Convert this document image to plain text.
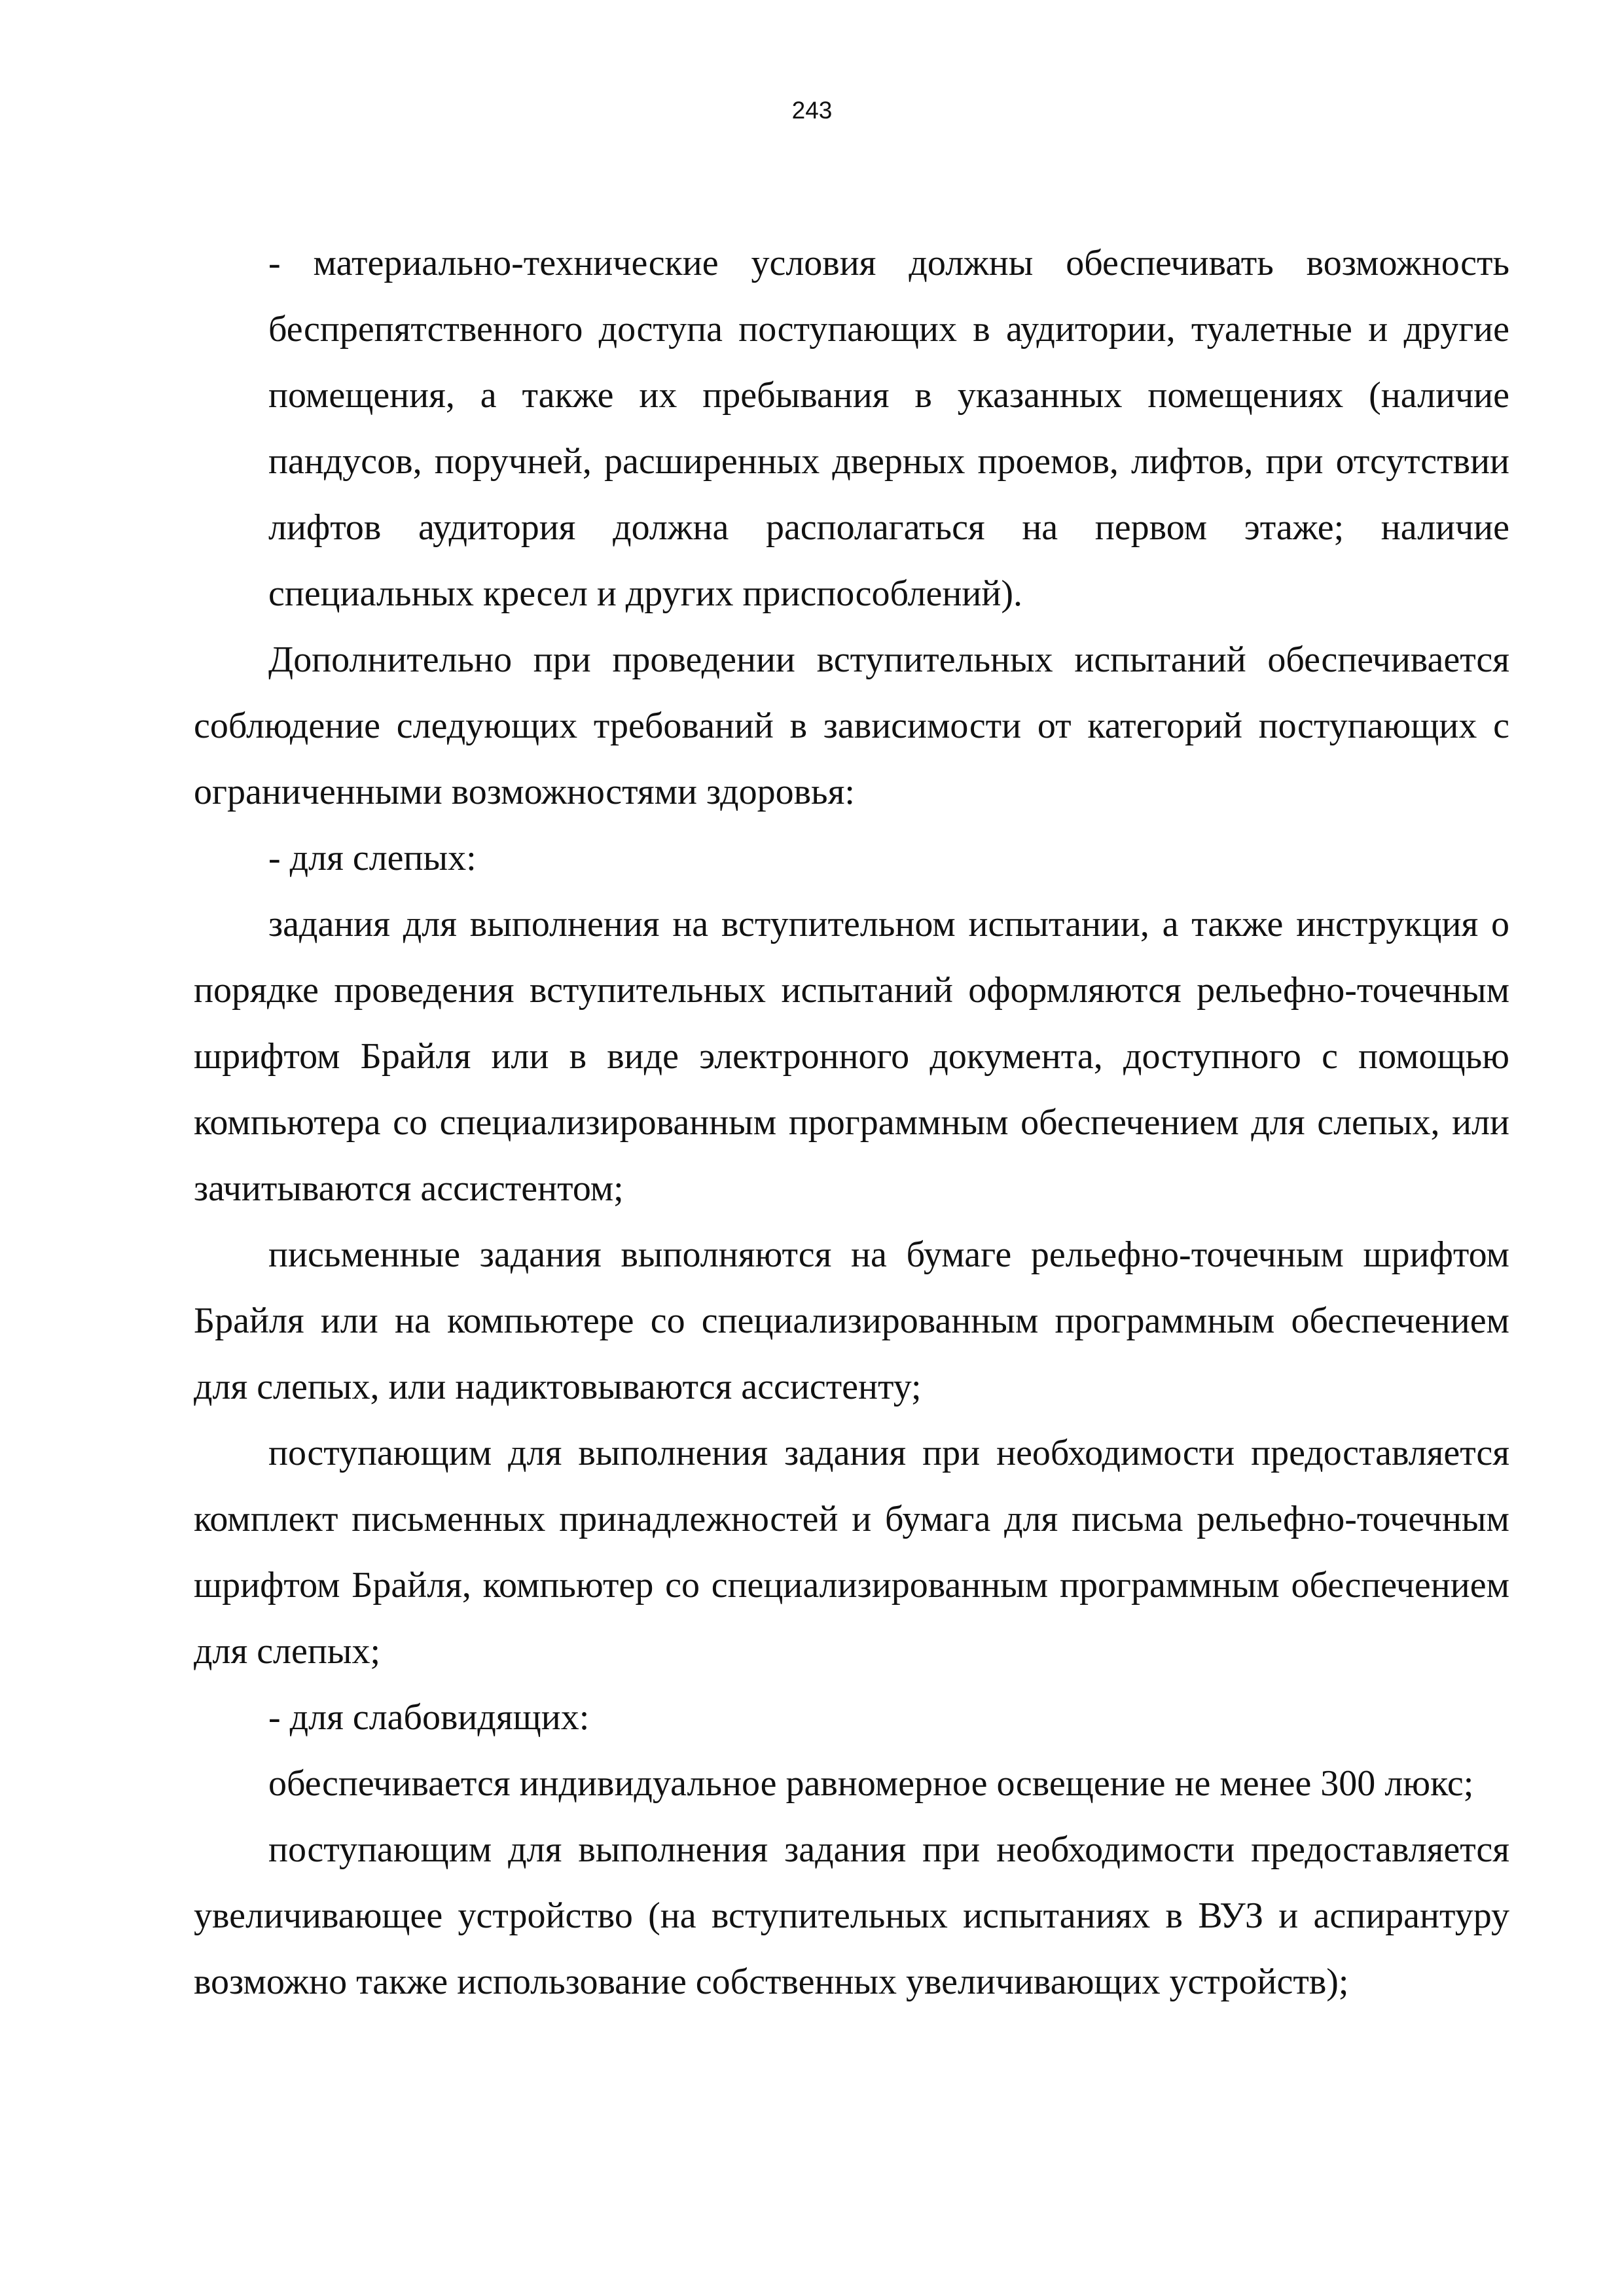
243

- материально-технические условия должны обеспечивать возможность беспрепятственного доступа поступающих в аудитории, туалетные и другие помещения, а также их пребывания в указанных помещениях (наличие пандусов, поручней, расширенных дверных проемов, лифтов, при отсутствии лифтов аудитория должна располагаться на первом этаже; наличие специальных кресел и других приспособлений).

Дополнительно при проведении вступительных испытаний обеспечивается соблюдение следующих требований в зависимости от категорий поступающих с ограниченными возможностями здоровья:

- для слепых:

задания для выполнения на вступительном испытании, а также инструкция о порядке проведения вступительных испытаний оформляются рельефно-точечным шрифтом Брайля или в виде электронного документа, доступного с помощью компьютера со специализированным программным обеспечением для слепых, или зачитываются ассистентом;

письменные задания выполняются на бумаге рельефно-точечным шрифтом Брайля или на компьютере со специализированным программным обеспечением для слепых, или надиктовываются ассистенту;

поступающим для выполнения задания при необходимости предоставляется комплект письменных принадлежностей и бумага для письма рельефно-точечным шрифтом Брайля, компьютер со специализированным программным обеспечением для слепых;

- для слабовидящих:

обеспечивается индивидуальное равномерное освещение не менее 300 люкс;

поступающим для выполнения задания при необходимости предоставляется увеличивающее устройство (на вступительных испытаниях в ВУЗ и аспирантуру возможно также использование собственных увеличивающих устройств);
